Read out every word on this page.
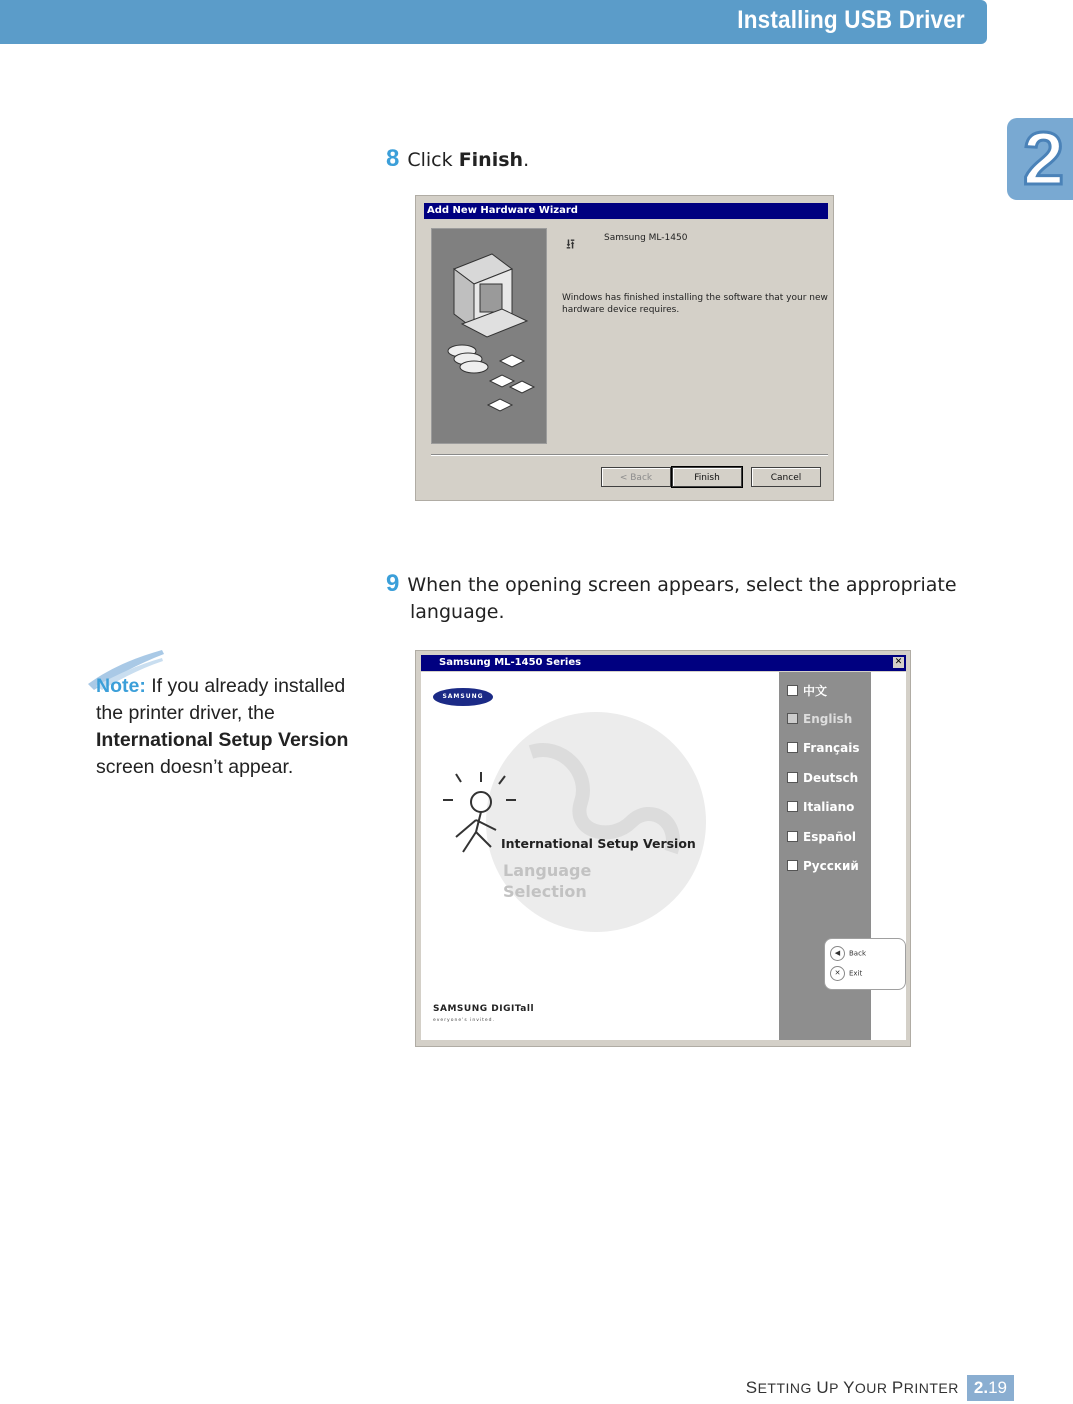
Installing USB Driver
2
8 Click Finish.
Add New Hardware Wizard
⭿	Samsung ML-1450
Windows has finished installing the software that your new hardware device requires.
< Back	Finish	Cancel
9 When the opening screen appears, select the appropriate
language.
Note: If you already installed the printer driver, the International Setup Version screen doesn’t appear.
Samsung ML-1450 Series	✕
SAMSUNG
International Setup Version
Language
Selection
SAMSUNG DIGITall
everyone's invited.
中文
English
Français
Deutsch
Italiano
Español
Русский
◀ Back
✕ Exit
SETTING UP YOUR PRINTER 2.19
